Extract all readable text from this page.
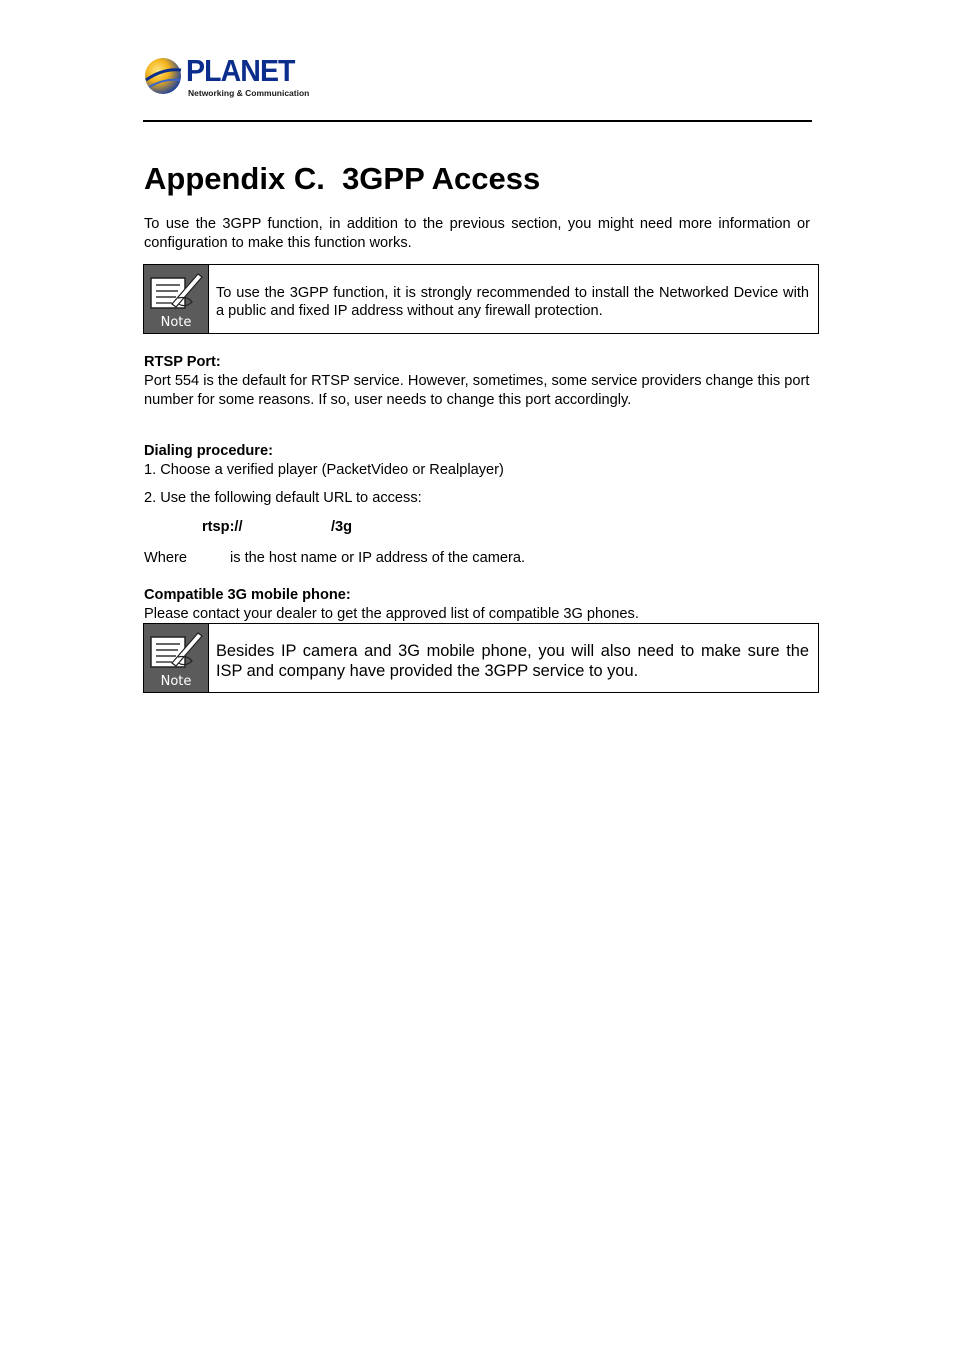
PLANET
Networking & Communication
Appendix C.  3GPP Access
To use the 3GPP function, in addition to the previous section, you might need more information or configuration to make this function works.
Note
To use the 3GPP function, it is strongly recommended to install the Networked Device with a public and fixed IP address without any firewall protection.
RTSP Port:
Port 554 is the default for RTSP service. However, sometimes, some service providers change this port number for some reasons. If so, user needs to change this port accordingly.
Dialing procedure:
1. Choose a verified player (PacketVideo or Realplayer)
2. Use the following default URL to access:
rtsp://	/3g
Where	is the host name or IP address of the camera.
Compatible 3G mobile phone:
Please contact your dealer to get the approved list of compatible 3G phones.
Note
Besides IP camera and 3G mobile phone, you will also need to make sure the ISP and company have provided the 3GPP service to you.
